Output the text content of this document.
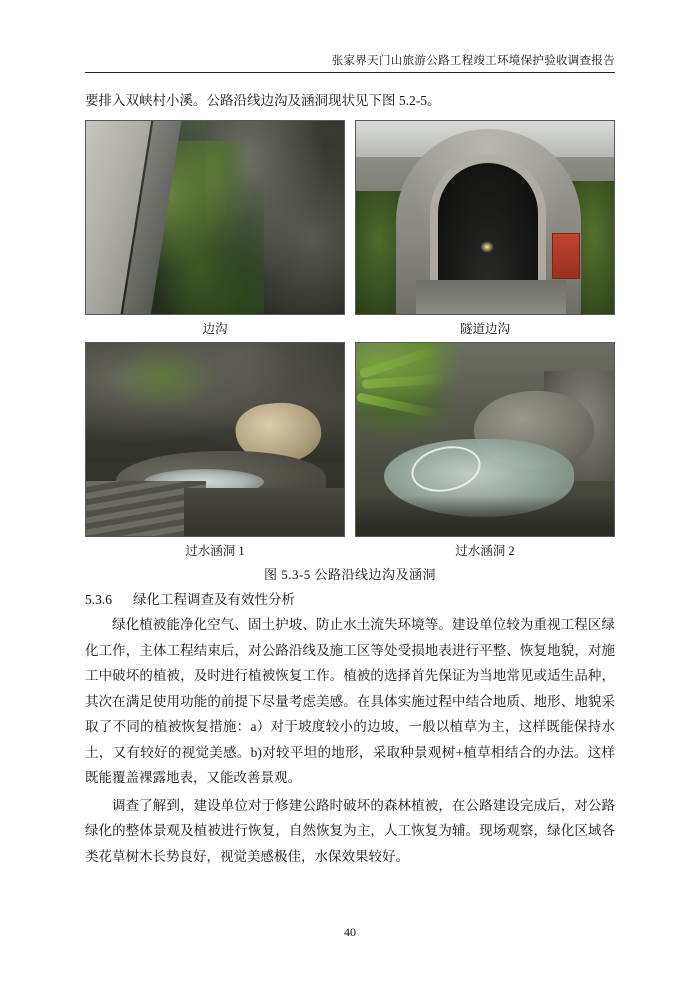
张家界天门山旅游公路工程竣工环境保护验收调查报告
要排入双峡村小溪。公路沿线边沟及涵洞现状见下图 5.2-5。
边沟	隧道边沟
过水涵洞 1	过水涵洞 2
图 5.3-5 公路沿线边沟及涵洞
5.3.6 绿化工程调查及有效性分析

绿化植被能净化空气、固土护坡、防止水土流失环境等。建设单位较为重视工程区绿化工作，主体工程结束后，对公路沿线及施工区等处受损地表进行平整、恢复地貌，对施工中破坏的植被，及时进行植被恢复工作。植被的选择首先保证为当地常见或适生品种，其次在满足使用功能的前提下尽量考虑美感。在具体实施过程中结合地质、地形、地貌采取了不同的植被恢复措施：a）对于坡度较小的边坡，一般以植草为主，这样既能保持水土，又有较好的视觉美感。b)对较平坦的地形，采取种景观树+植草相结合的办法。这样既能覆盖裸露地表，又能改善景观。

调查了解到，建设单位对于修建公路时破坏的森林植被，在公路建设完成后，对公路绿化的整体景观及植被进行恢复，自然恢复为主，人工恢复为辅。现场观察，绿化区域各类花草树木长势良好，视觉美感极佳，水保效果较好。

40
